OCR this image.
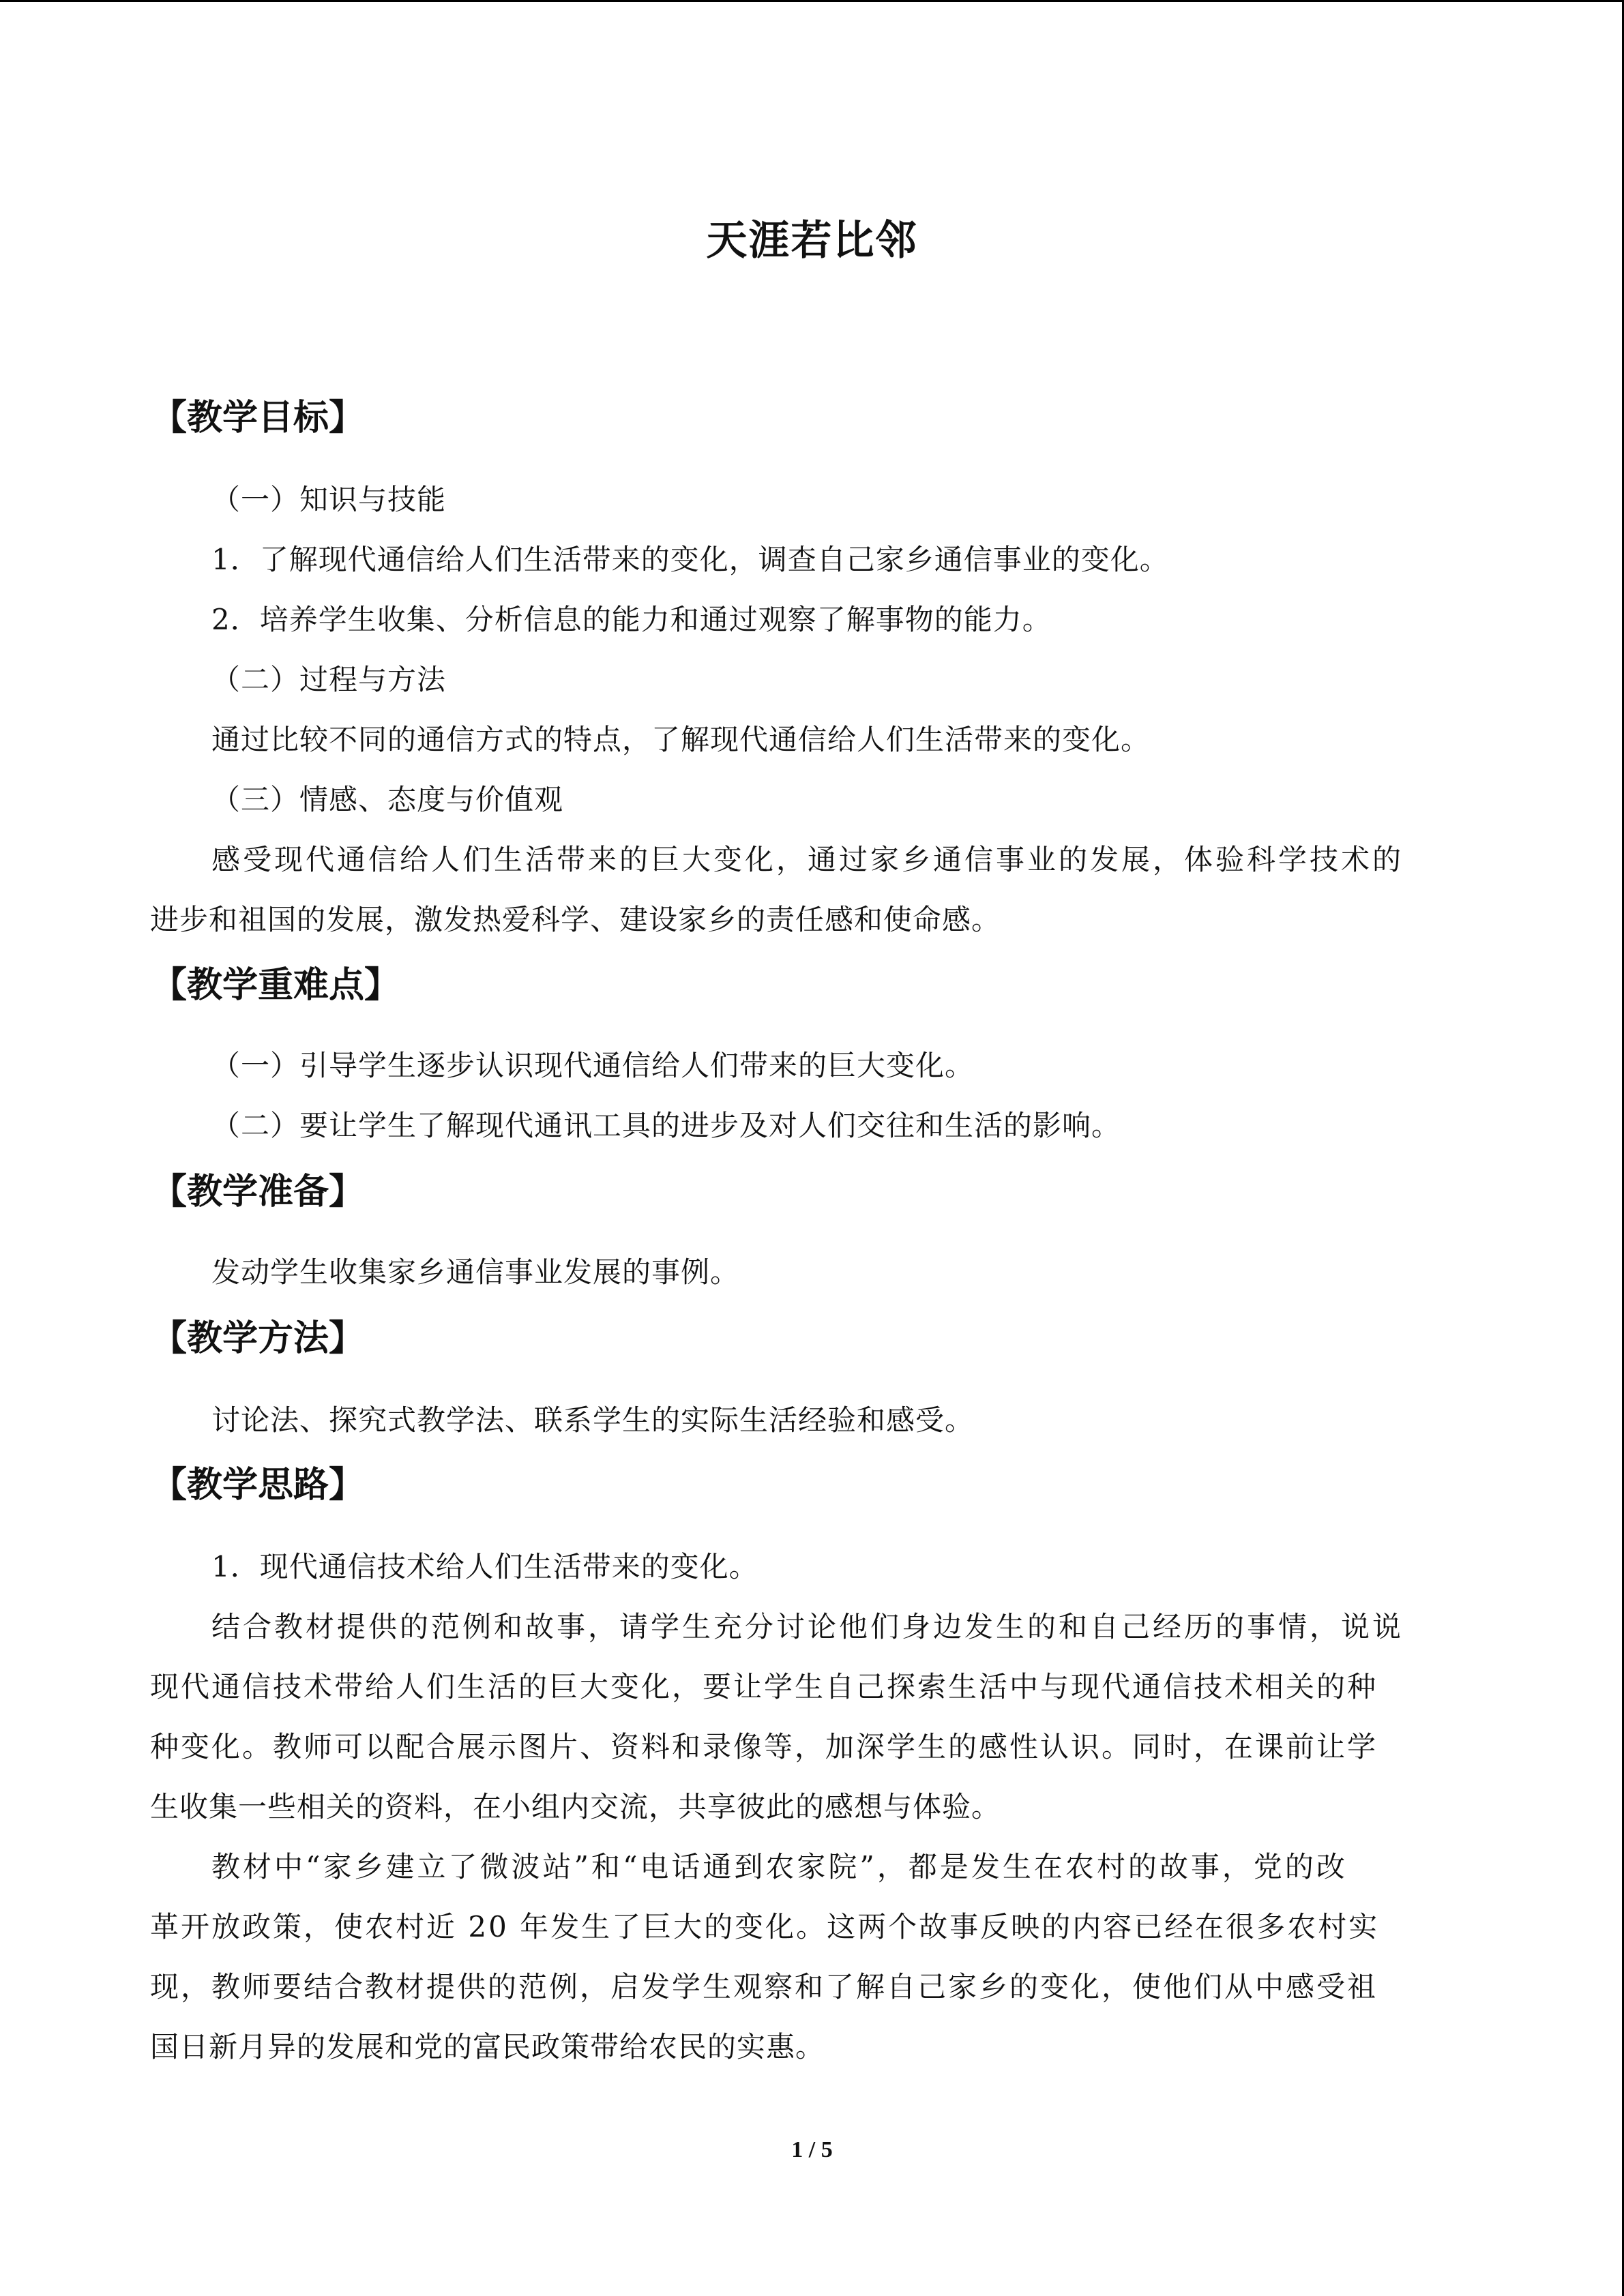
天涯若比邻
【教学目标】
（一）知识与技能
1．了解现代通信给人们生活带来的变化，调查自己家乡通信事业的变化。
2．培养学生收集、分析信息的能力和通过观察了解事物的能力。
（二）过程与方法
通过比较不同的通信方式的特点，了解现代通信给人们生活带来的变化。
（三）情感、态度与价值观
感受现代通信给人们生活带来的巨大变化，通过家乡通信事业的发展，体验科学技术的
进步和祖国的发展，激发热爱科学、建设家乡的责任感和使命感。
【教学重难点】
（一）引导学生逐步认识现代通信给人们带来的巨大变化。
（二）要让学生了解现代通讯工具的进步及对人们交往和生活的影响。
【教学准备】
发动学生收集家乡通信事业发展的事例。
【教学方法】
讨论法、探究式教学法、联系学生的实际生活经验和感受。
【教学思路】
1．现代通信技术给人们生活带来的变化。
结合教材提供的范例和故事，请学生充分讨论他们身边发生的和自己经历的事情，说说
现代通信技术带给人们生活的巨大变化，要让学生自己探索生活中与现代通信技术相关的种
种变化。教师可以配合展示图片、资料和录像等，加深学生的感性认识。同时，在课前让学
生收集一些相关的资料，在小组内交流，共享彼此的感想与体验。
教材中“家乡建立了微波站”和“电话通到农家院”，都是发生在农村的故事，党的改
革开放政策，使农村近 20 年发生了巨大的变化。这两个故事反映的内容已经在很多农村实
现，教师要结合教材提供的范例，启发学生观察和了解自己家乡的变化，使他们从中感受祖
国日新月异的发展和党的富民政策带给农民的实惠。
1 / 5
